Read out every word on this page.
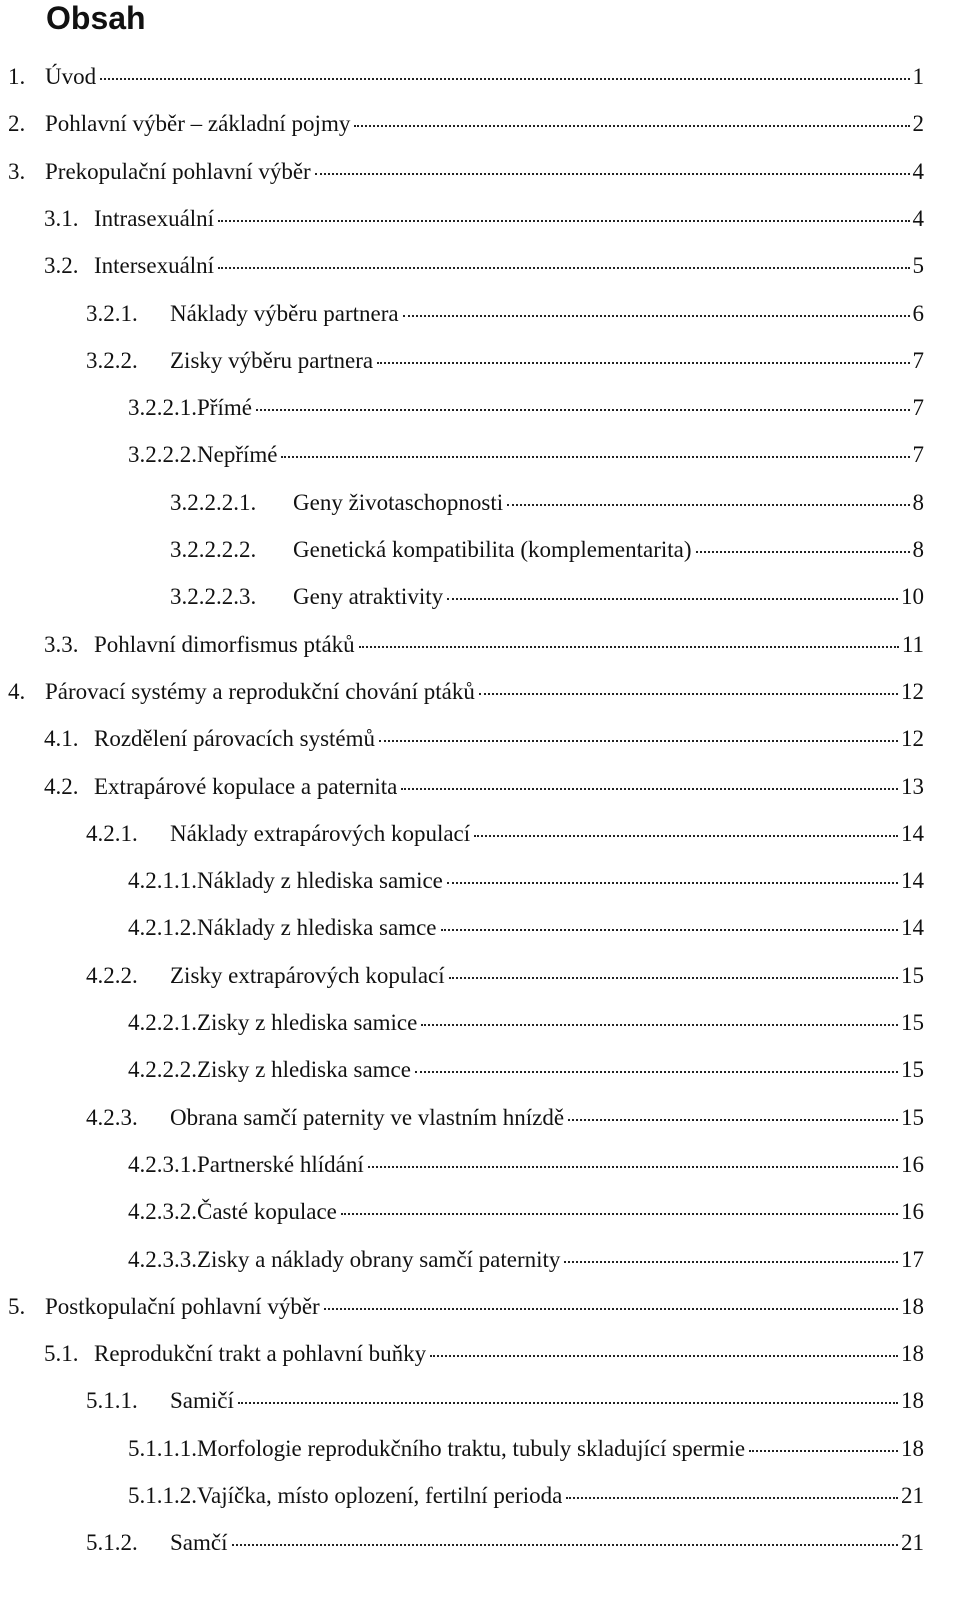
Obsah
1. Úvod	1
2. Pohlavní výběr – základní pojmy	2
3. Prekopulační pohlavní výběr	4
3.1. Intrasexuální	4
3.2. Intersexuální	5
3.2.1.	Náklady výběru partnera	6
3.2.2.	Zisky výběru partnera	7
3.2.2.1. Přímé	7
3.2.2.2. Nepřímé	7
3.2.2.2.1.	Geny životaschopnosti	8
3.2.2.2.2.	Genetická kompatibilita (komplementarita)	8
3.2.2.2.3.	Geny atraktivity	10
3.3. Pohlavní dimorfismus ptáků	11
4. Párovací systémy a reprodukční chování ptáků	12
4.1. Rozdělení párovacích systémů	12
4.2. Extrapárové kopulace a paternita	13
4.2.1.	Náklady extrapárových kopulací	14
4.2.1.1. Náklady z hlediska samice	14
4.2.1.2. Náklady z hlediska samce	14
4.2.2.	Zisky extrapárových kopulací	15
4.2.2.1. Zisky z hlediska samice	15
4.2.2.2. Zisky z hlediska samce	15
4.2.3.	Obrana samčí paternity ve vlastním hnízdě	15
4.2.3.1. Partnerské hlídání	16
4.2.3.2. Časté kopulace	16
4.2.3.3. Zisky a náklady obrany samčí paternity	17
5. Postkopulační pohlavní výběr	18
5.1. Reprodukční trakt a pohlavní buňky	18
5.1.1.	Samičí	18
5.1.1.1. Morfologie reprodukčního traktu, tubuly skladující spermie	18
5.1.1.2. Vajíčka, místo oplození, fertilní perioda	21
5.1.2.	Samčí	21
